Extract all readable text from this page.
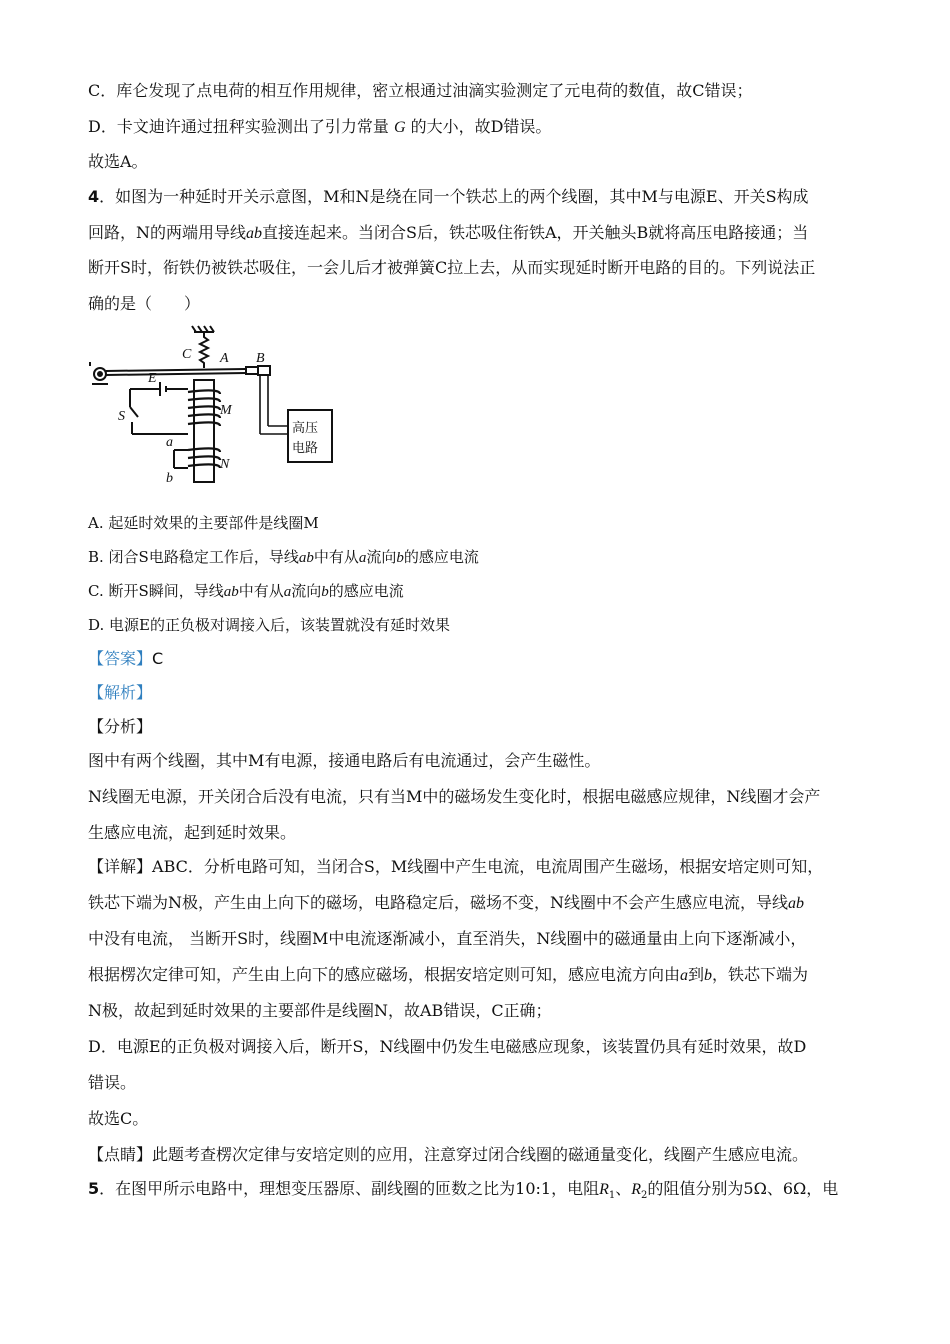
C．库仑发现了点电荷的相互作用规律，密立根通过油滴实验测定了元电荷的数值，故C错误；
D．卡文迪许通过扭秤实验测出了引力常量 G 的大小，故D错误。
故选A。
4．如图为一种延时开关示意图，M和N是绕在同一个铁芯上的两个线圈，其中M与电源E、开关S构成
回路，N的两端用导线ab直接连起来。当闭合S后，铁芯吸住衔铁A，开关触头B就将高压电路接通；当
断开S时，衔铁仍被铁芯吸住，一会儿后才被弹簧C拉上去，从而实现延时断开电路的目的。下列说法正
确的是（　　）
C A B
E
S	M
a
N
b
高压
电路
A. 起延时效果的主要部件是线圈M
B. 闭合S电路稳定工作后，导线ab中有从a流向b的感应电流
C. 断开S瞬间，导线ab中有从a流向b的感应电流
D. 电源E的正负极对调接入后，该装置就没有延时效果
【答案】C
【解析】
【分析】
图中有两个线圈，其中M有电源，接通电路后有电流通过，会产生磁性。
N线圈无电源，开关闭合后没有电流，只有当M中的磁场发生变化时，根据电磁感应规律，N线圈才会产
生感应电流，起到延时效果。
【详解】ABC．分析电路可知，当闭合S，M线圈中产生电流，电流周围产生磁场，根据安培定则可知，
铁芯下端为N极，产生由上向下的磁场，电路稳定后，磁场不变，N线圈中不会产生感应电流，导线ab
中没有电流， 当断开S时，线圈M中电流逐渐减小，直至消失，N线圈中的磁通量由上向下逐渐减小，
根据楞次定律可知，产生由上向下的感应磁场，根据安培定则可知，感应电流方向由a到b，铁芯下端为
N极，故起到延时效果的主要部件是线圈N，故AB错误，C正确；
D．电源E的正负极对调接入后，断开S，N线圈中仍发生电磁感应现象，该装置仍具有延时效果，故D
错误。
故选C。
【点睛】此题考查楞次定律与安培定则的应用，注意穿过闭合线圈的磁通量变化，线圈产生感应电流。
5．在图甲所示电路中，理想变压器原、副线圈的匝数之比为10:1，电阻$R_1$、$R_2$的阻值分别为5Ω、6Ω，电
